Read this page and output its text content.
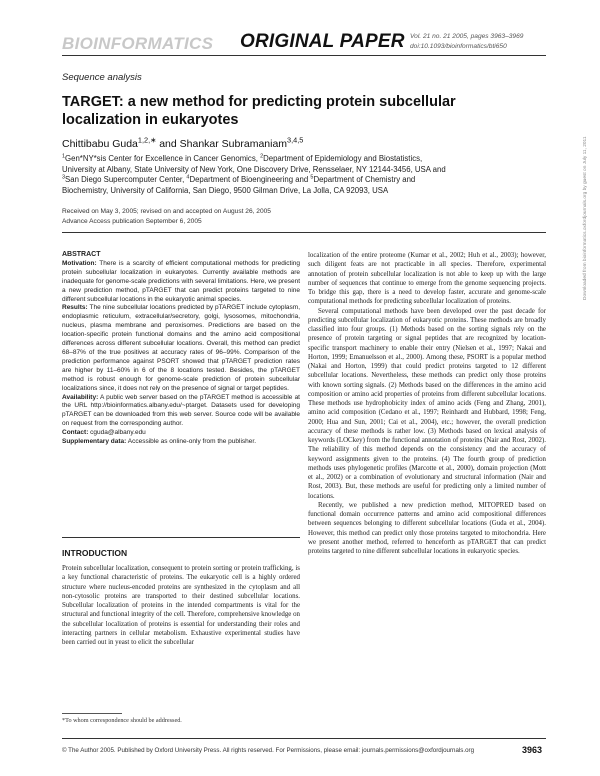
BIOINFORMATICS ORIGINAL PAPER Vol. 21 no. 21 2005, pages 3963–3969
doi:10.1093/bioinformatics/bti650
Sequence analysis
TARGET: a new method for predicting protein subcellular
localization in eukaryotes
Chittibabu Guda$^{1,2,∗}$ and Shankar Subramaniam$^{3,4,5}$
$^1$Gen*NY*sis Center for Excellence in Cancer Genomics, $^2$Department of Epidemiology and Biostatistics,
University at Albany, State University of New York, One Discovery Drive, Rensselaer, NY 12144-3456, USA and
$^3$San Diego Supercomputer Center, $^4$Department of Bioengineering and $^5$Department of Chemistry and
Biochemistry, University of California, San Diego, 9500 Gilman Drive, La Jolla, CA 92093, USA
Received on May 3, 2005; revised on and accepted on August 26, 2005
Advance Access publication September 6, 2005

ABSTRACT

Motivation: There is a scarcity of efficient computational methods for predicting protein subcellular localization in eukaryotes. Currently available methods are inadequate for genome-scale predictions with several limitations. Here, we present a new prediction method, pTARGET that can predict proteins targeted to nine different subcellular locations in the eukaryotic animal species.

Results: The nine subcellular locations predicted by pTARGET include cytoplasm, endoplasmic reticulum, extracellular/secretory, golgi, lysosomes, mitochondria, nucleus, plasma membrane and peroxisomes. Predictions are based on the location-specific protein functional domains and the amino acid compositional differences across different subcellular locations. Overall, this method can predict 68–87% of the true positives at accuracy rates of 96–99%. Comparison of the prediction performance against PSORT showed that pTARGET prediction rates are higher by 11–60% in 6 of the 8 locations tested. Besides, the pTARGET method is robust enough for genome-scale prediction of protein subcellular localizations since, it does not rely on the presence of signal or target peptides.

Availability: A public web server based on the pTARGET method is accessible at the URL http://bioinformatics.albany.edu/~ptarget. Datasets used for developing pTARGET can be downloaded from this web server. Source code will be available on request from the corresponding author.

Contact: cguda@albany.edu

Supplementary data: Accessible as online-only from the publisher.

INTRODUCTION

Protein subcellular localization, consequent to protein sorting or protein trafficking, is a key functional characteristic of proteins. The eukaryotic cell is a highly ordered structure where nucleus-encoded proteins are synthesized in the cytoplasm and all non-cytosolic proteins are transported to their destined subcellular locations. Subcellular localization of proteins in the intended compartments is vital for the structural and functional integrity of the cell. Therefore, comprehensive knowledge on the subcellular localization of proteins is essential for understanding their roles and interacting partners in cellular metabolism. Exhaustive experimental studies have been carried out in yeast to elicit the subcellular

*To whom correspondence should be addressed.

localization of the entire proteome (Kumar et al., 2002; Huh et al., 2003); however, such diligent feats are not practicable in all species. Therefore, experimental annotation of protein subcellular localization is not able to keep up with the large number of sequences that continue to emerge from the genome sequencing projects. To bridge this gap, there is a need to develop faster, accurate and genome-scale computational methods for predicting subcellular localization of proteins.

Several computational methods have been developed over the past decade for predicting subcellular localization of eukaryotic proteins. These methods are broadly classified into four groups. (1) Methods based on the sorting signals rely on the presence of protein targeting or signal peptides that are recognized by location-specific transport machinery to enable their entry (Nielsen et al., 1997; Nakai and Horton, 1999; Emanuelsson et al., 2000). Among these, PSORT is a popular method (Nakai and Horton, 1999) that could predict proteins targeted to 12 different subcellular locations. Nevertheless, these methods can predict only those proteins with known sorting signals. (2) Methods based on the differences in the amino acid composition or amino acid properties of proteins from different subcellular locations. These methods use hydrophobicity index of amino acids (Feng and Zhang, 2001), amino acid composition (Cedano et al., 1997; Reinhardt and Hubbard, 1998; Feng, 2000; Hua and Sun, 2001; Cai et al., 2004), etc.; however, the overall prediction accuracy of these methods is rather low. (3) Methods based on lexical analysis of keywords (LOCkey) from the functional annotation of proteins (Nair and Rost, 2002). The reliability of this method depends on the consistency and the accuracy of keyword assignments given to the proteins. (4) The fourth group of prediction methods uses phylogenetic profiles (Marcotte et al., 2000), domain projection (Mott et al., 2002) or a combination of evolutionary and structural information (Nair and Rost, 2003). But, these methods are useful for predicting only a limited number of locations.

Recently, we published a new prediction method, MITOPRED based on functional domain occurrence patterns and amino acid compositional differences between sequences belonging to different subcellular locations (Guda et al., 2004). However, this method can predict only those proteins targeted to mitochondria. Here we present another method, referred to henceforth as pTARGET that can predict proteins targeted to nine different subcellular locations in eukaryotic species.

© The Author 2005. Published by Oxford University Press. All rights reserved. For Permissions, please email: journals.permissions@oxfordjournals.org	3963
Downloaded from bioinformatics.oxfordjournals.org by guest on July 11, 2011
